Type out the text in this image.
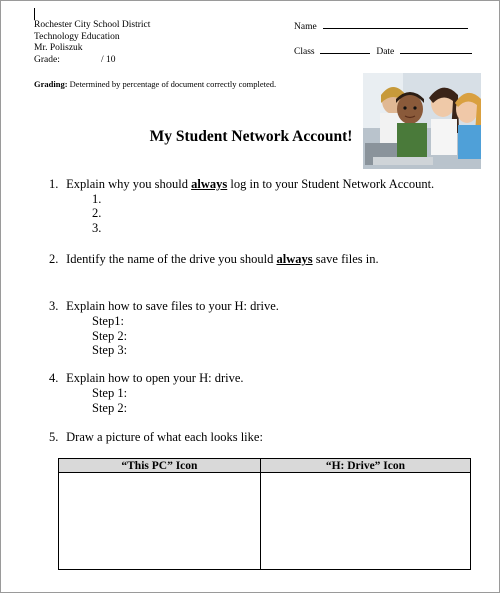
Rochester City School District
Technology Education
Mr. Poliszuk
Grade:	/ 10
Name
Class	Date
Grading: Determined by percentage of document correctly completed.
My Student Network Account!
1. Explain why you should always log in to your Student Network Account.
1.
2.
3.
2. Identify the name of the drive you should always save files in.
3. Explain how to save files to your H: drive.
Step1:
Step 2:
Step 3:
4. Explain how to open your H: drive.
Step 1:
Step 2:
5. Draw a picture of what each looks like:
“This PC” Icon	“H: Drive” Icon
